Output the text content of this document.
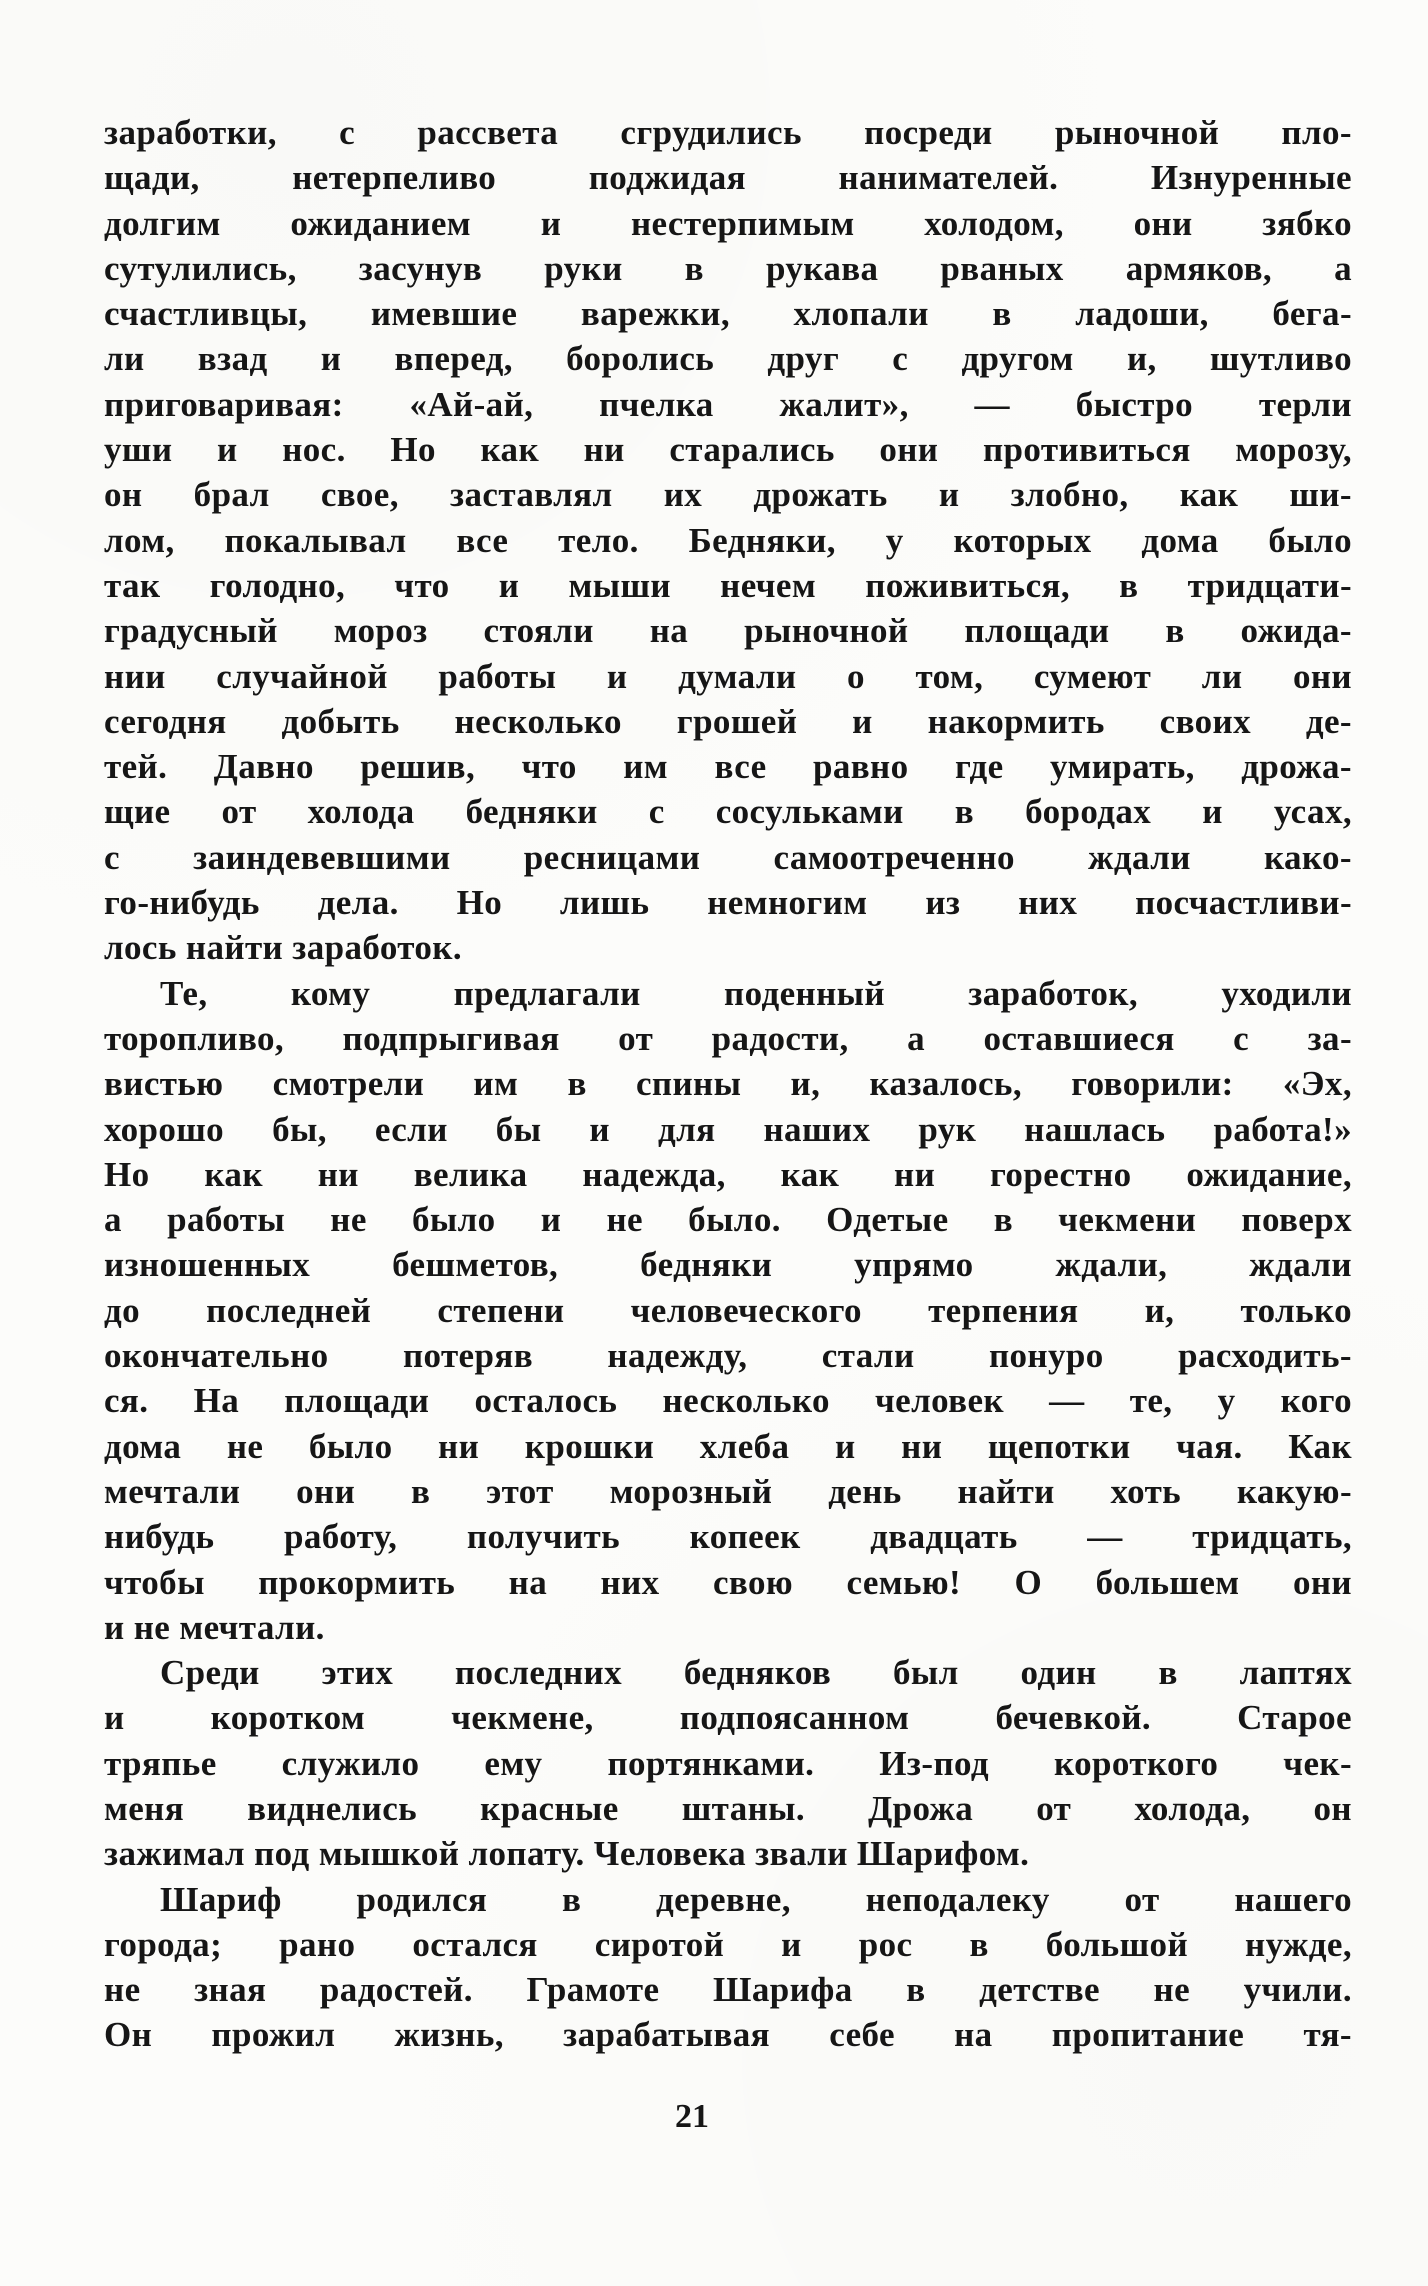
заработки, с рассвета сгрудились посреди рыночной пло-
щади, нетерпеливо поджидая нанимателей. Изнуренные
долгим ожиданием и нестерпимым холодом, они зябко
сутулились, засунув руки в рукава рваных армяков, а
счастливцы, имевшие варежки, хлопали в ладоши, бега-
ли взад и вперед, боролись друг с другом и, шутливо
приговаривая: «Ай-ай, пчелка жалит», — быстро терли
уши и нос. Но как ни старались они противиться морозу,
он брал свое, заставлял их дрожать и злобно, как ши-
лом, покалывал все тело. Бедняки, у которых дома было
так голодно, что и мыши нечем поживиться, в тридцати-
градусный мороз стояли на рыночной площади в ожида-
нии случайной работы и думали о том, сумеют ли они
сегодня добыть несколько грошей и накормить своих де-
тей. Давно решив, что им все равно где умирать, дрожа-
щие от холода бедняки с сосульками в бородах и усах,
с заиндевевшими ресницами самоотреченно ждали како-
го-нибудь дела. Но лишь немногим из них посчастливи-
лось найти заработок.
Те, кому предлагали поденный заработок, уходили
торопливо, подпрыгивая от радости, а оставшиеся с за-
вистью смотрели им в спины и, казалось, говорили: «Эх,
хорошо бы, если бы и для наших рук нашлась работа!»
Но как ни велика надежда, как ни горестно ожидание,
а работы не было и не было. Одетые в чекмени поверх
изношенных бешметов, бедняки упрямо ждали, ждали
до последней степени человеческого терпения и, только
окончательно потеряв надежду, стали понуро расходить-
ся. На площади осталось несколько человек — те, у кого
дома не было ни крошки хлеба и ни щепотки чая. Как
мечтали они в этот морозный день найти хоть какую-
нибудь работу, получить копеек двадцать — тридцать,
чтобы прокормить на них свою семью! О большем они
и не мечтали.
Среди этих последних бедняков был один в лаптях
и коротком чекмене, подпоясанном бечевкой. Старое
тряпье служило ему портянками. Из-под короткого чек-
меня виднелись красные штаны. Дрожа от холода, он
зажимал под мышкой лопату. Человека звали Шарифом.
Шариф родился в деревне, неподалеку от нашего
города; рано остался сиротой и рос в большой нужде,
не зная радостей. Грамоте Шарифа в детстве не учили.
Он прожил жизнь, зарабатывая себе на пропитание тя-
21
